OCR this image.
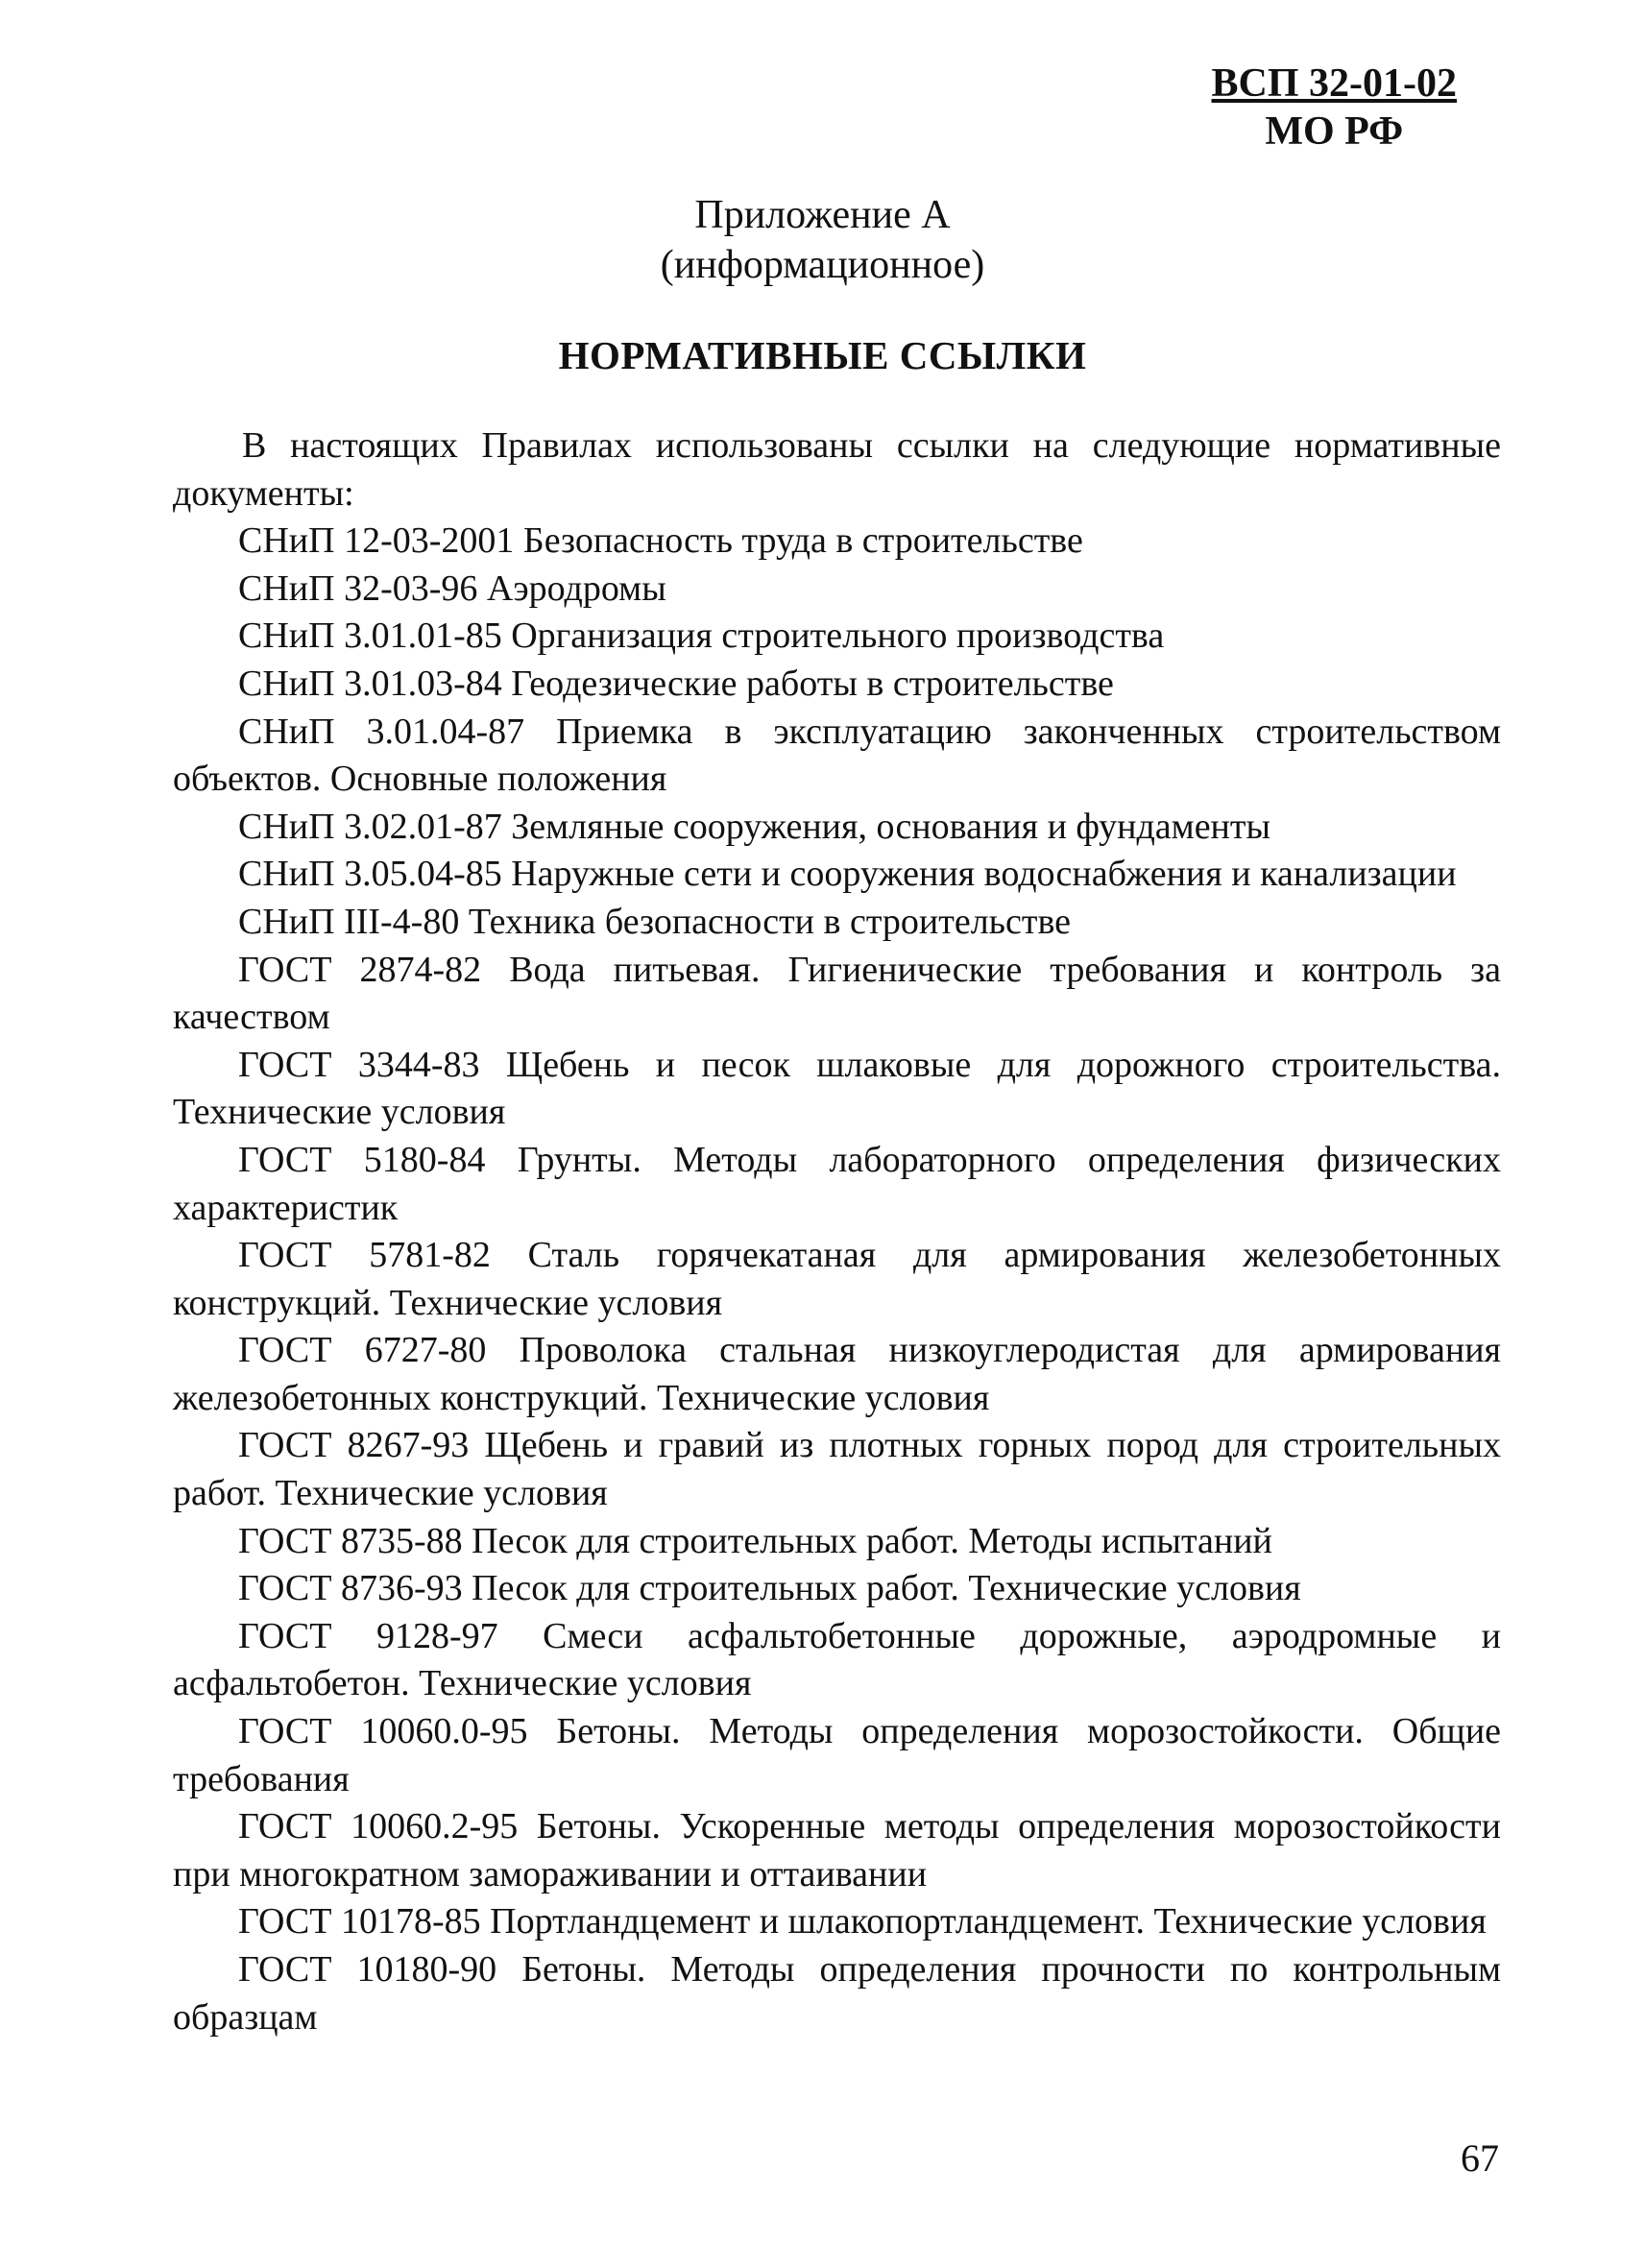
ВСП 32-01-02
МО РФ
Приложение А
(информационное)
НОРМАТИВНЫЕ ССЫЛКИ

В настоящих Правилах использованы ссылки на следующие нормативные документы:

СНиП 12-03-2001 Безопасность труда в строительстве

СНиП 32-03-96 Аэродромы

СНиП 3.01.01-85 Организация строительного производства

СНиП 3.01.03-84 Геодезические работы в строительстве

СНиП 3.01.04-87 Приемка в эксплуатацию законченных строительством объектов. Основные положения

СНиП 3.02.01-87 Земляные сооружения, основания и фундаменты

СНиП 3.05.04-85 Наружные сети и сооружения водоснабжения и канализации

СНиП III-4-80 Техника безопасности в строительстве

ГОСТ 2874-82 Вода питьевая. Гигиенические требования и контроль за качеством

ГОСТ 3344-83 Щебень и песок шлаковые для дорожного строительства. Технические условия

ГОСТ 5180-84 Грунты. Методы лабораторного определения физических характеристик

ГОСТ 5781-82 Сталь горячекатаная для армирования железобетонных конструкций. Технические условия

ГОСТ 6727-80 Проволока стальная низкоуглеродистая для армирования железобетонных конструкций. Технические условия

ГОСТ 8267-93 Щебень и гравий из плотных горных пород для строительных работ. Технические условия

ГОСТ 8735-88 Песок для строительных работ. Методы испытаний

ГОСТ 8736-93 Песок для строительных работ. Технические условия

ГОСТ 9128-97 Смеси асфальтобетонные дорожные, аэродромные и асфальтобетон. Технические условия

ГОСТ 10060.0-95 Бетоны. Методы определения морозостойкости. Общие требования

ГОСТ 10060.2-95 Бетоны. Ускоренные методы определения морозостойкости при многократном замораживании и оттаивании

ГОСТ 10178-85 Портландцемент и шлакопортландцемент. Технические условия

ГОСТ 10180-90 Бетоны. Методы определения прочности по контрольным образцам

67
